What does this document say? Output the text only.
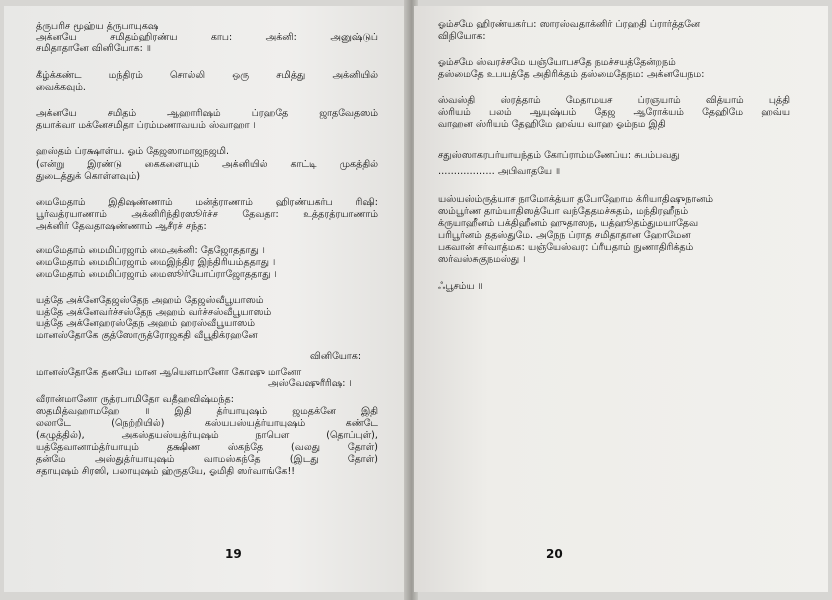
த்ருபரிச மூஹ்ய த்ருபாயுகஷ
அக்னயே சமிதம்ஹிரண்ய காப: அக்னி: அனுஷ்டுப்
சமிதாதானே வினியோக: ॥
கீழ்க்கண்ட மந்திரம் சொல்லி ஒரு சமித்து அக்னியில்
வைக்கவும்.
அக்னயே சமிதம் ஆஹாரிஷம் ப்ரஹதே ஜாதவேதஸம்
தயாக்வா மக்னேசமிதா ப்ரம்மணாவயம் ஸ்வாஹா ।
ஹஸ்தம் ப்ரக்ஷாள்ய. ஓம் தேஜஸாமாஜநஜமி.
(என்று இரண்டு கைகளையும் அக்னியில் காட்டி முகத்தில்
துடைத்துக் கொள்ளவும்)
மைமேதாம் இதிஷண்ணாம் மன்த்ராணாம் ஹிரண்யகர்ப ரிஷி:
பூர்வத்ரயாணாம் அக்னிரிந்திரஸூர்ச்ச தேவதா: உத்தரத்ரயாணாம்
அக்னிர் தேவதாஷண்ணாம் ஆசீரச் சந்த:
மைமேதாம் மைமிப்ரஜாம் மைஅக்னி: தேஜோததாது ।
மைமேதாம் மைமிப்ரஜாம் மைஇந்திர இந்திரியம்ததாது ।
மைமேதாம் மைமிப்ரஜாம் மைஸூர்யோப்ராஜோததாது ।
யத்தே அக்னேதேஜஸ்தேந அஹம் தேஜஸ்வீபூயாஸம்
யத்தே அக்னேவர்ச்சஸ்தேந அஹம் வர்ச்சஸ்வீபூயாஸம்
யத்தே அக்னேஹரஸ்தேந அஹம் ஹரஸ்வீபூயாஸம்
மானஸ்தோகே குத்ஸோருத்ரோஜகதி வீபூதிக்ரஹனே
வினியோக:
மானஸ்தோகே தனயே மான ஆயௌமானோ கோஷு மானோ
அஸ்வேஷுரீரிஷ: ।
வீரான்மானோ ருத்ரபாமிதோ வதீஹவிஷ்மந்த:
ஸதமித்வஹாமஹே ॥ இதி த்ர்யாயுஷம் ஜமதக்னே இதி
லலாடே (நெற்றியில்) கஸ்யபஸ்யத்ர்யாயுஷம் கண்டே
(கழுத்தில்), அகஸ்தயஸ்யத்ர்யுஷம் நாபௌ (தொப்புள்),
யத்தேவானாம்த்ர்யாயும் தக்ஷிண ஸ்கந்தே (வலது தோள்)
தன்மே அஸ்துத்ர்யாயுஷம் வாமஸ்கந்தே (இடது தோள்)
சதாயுஷம் சிரஸி, பலாயுஷம் ஹ்ருதயே, ஓமிதி ஸர்வாங்கே!!
19
ஓம்சமே ஹிரண்யகர்ப: ஸாரஸ்வதாக்னிர் ப்ரஹதி ப்ரார்த்தனே
விநியோக:
ஓம்சமே ஸ்வரச்சமே யஞ்யோபசதே நமச்சயத்தேன்றநம்
தஸ்மைதே உபயத்தே அதிரிக்தம் தஸ்மைதேநம: அக்னயேநம:
ஸ்வஸ்தி ஸ்ரத்தாம் மேதாமயச ப்ரஞயாம் வித்யாம் புத்தி
ஸ்ரியம் பலம் ஆயுஷ்யம் தேஜ ஆரோக்யம் தேஹிமே ஹவ்ய
வாஹன ஸ்ரியம் தேஹிமே ஹவ்ய வாஹ ஓம்நம இதி
சதுஸ்ஸாகரபர்யாயந்தம் கோப்ராம்மணேப்ய: சுபம்பவது
……………… அபிவாதயே ॥
யஸ்யஸ்ம்ருத்யாச நாமோக்த்யா தபோஹோம க்ரியாதிஷுநானம்
ஸம்பூர்ண தாம்யாதிஸத்யோ வந்தேதமச்சுதம், மந்திரஹீநம்
க்ருயாஹீனம் பக்திஹீனம் ஹுதாஸந, யத்ஹூதம்துமயாதேவ
பரிபூர்னம் ததஸ்துமே. அநேந ப்ராத சமிதாதான ஹோமேன
பகவான் சர்வாத்மக: யஞ்யேஸ்வர: ப்ரீயதாம் நுணாதிரிக்தம்
ஸர்வஸ்சுகுநமஸ்து ।
ஃபூசம்ய ॥
20
